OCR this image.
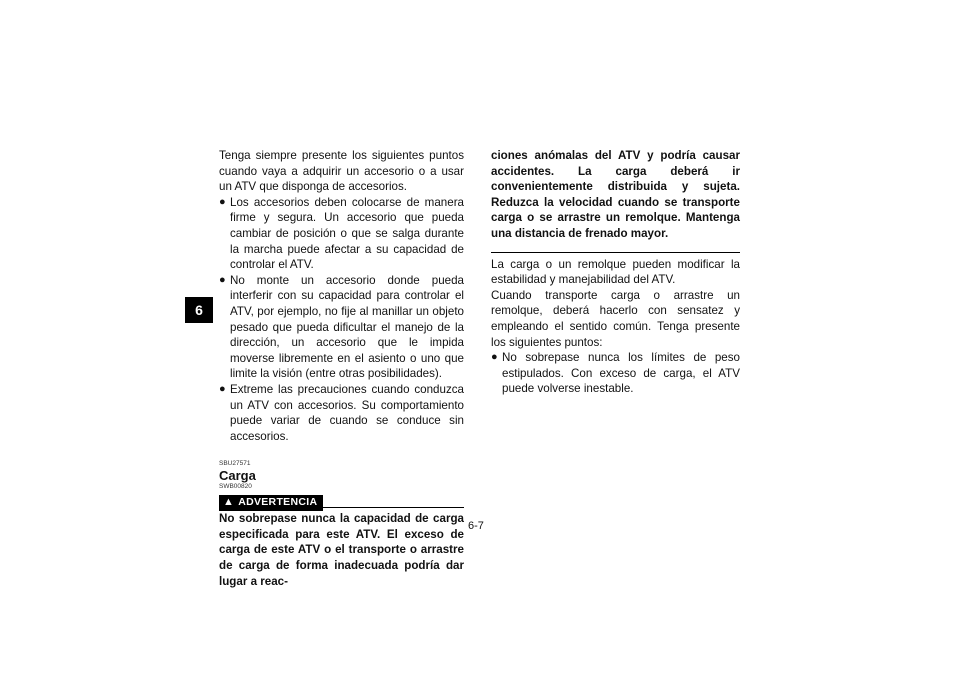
6

Tenga siempre presente los siguientes puntos cuando vaya a adquirir un accesorio o a usar un ATV que disponga de accesorios.

● Los accesorios deben colocarse de manera firme y segura. Un accesorio que pueda cambiar de posición o que se salga durante la marcha puede afectar a su capacidad de controlar el ATV.
● No monte un accesorio donde pueda interferir con su capacidad para controlar el ATV, por ejemplo, no fije al manillar un objeto pesado que pueda dificultar el manejo de la dirección, un accesorio que le impida moverse libremente en el asiento o uno que limite la visión (entre otras posibilidades).
● Extreme las precauciones cuando conduzca un ATV con accesorios. Su comportamiento puede variar de cuando se conduce sin accesorios.
SBU27571
Carga
SWB00820
▲ ADVERTENCIA

No sobrepase nunca la capacidad de carga especificada para este ATV. El exceso de carga de este ATV o el transporte o arrastre de carga de forma inadecuada podría dar lugar a reac-

ciones anómalas del ATV y podría causar accidentes. La carga deberá ir convenientemente distribuida y sujeta. Reduzca la velocidad cuando se transporte carga o se arrastre un remolque. Mantenga una distancia de frenado mayor.

La carga o un remolque pueden modificar la estabilidad y manejabilidad del ATV.

Cuando transporte carga o arrastre un remolque, deberá hacerlo con sensatez y empleando el sentido común. Tenga presente los siguientes puntos:

● No sobrepase nunca los límites de peso estipulados. Con exceso de carga, el ATV puede volverse inestable.
6-7
